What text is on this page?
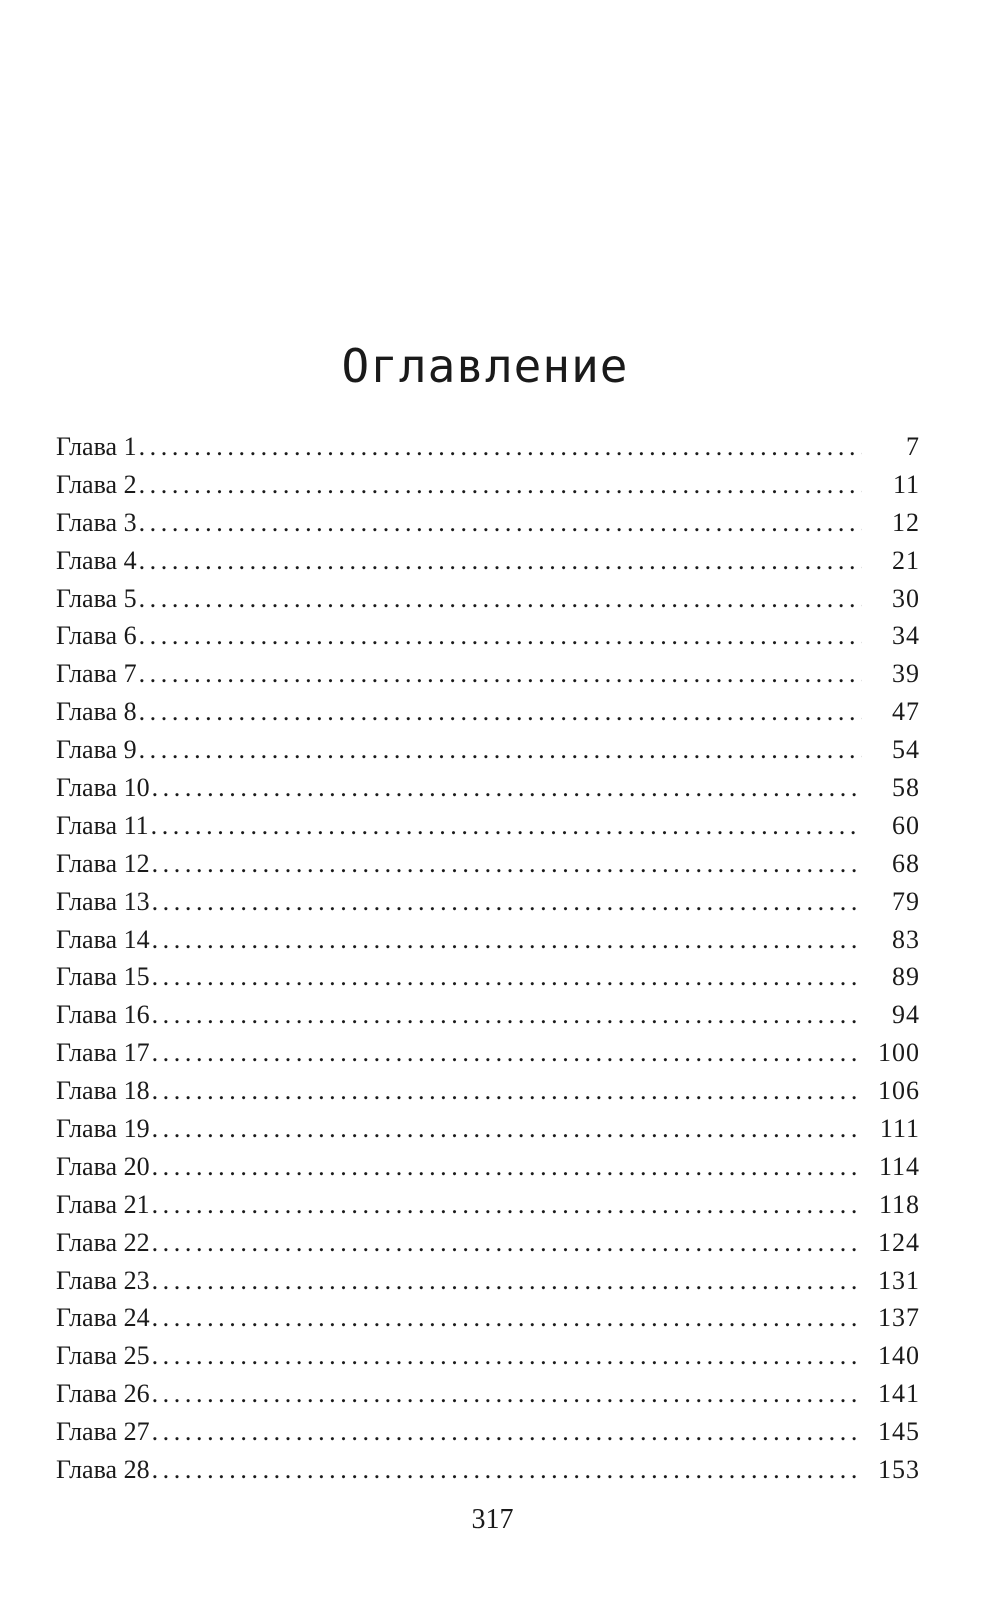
Оглавление
Глава 1 .....	7
Глава 2 .....	11
Глава 3 .....	12
Глава 4 .....	21
Глава 5 .....	30
Глава 6 .....	34
Глава 7 .....	39
Глава 8 .....	47
Глава 9 .....	54
Глава 10 .....	58
Глава 11 .....	60
Глава 12 .....	68
Глава 13 .....	79
Глава 14 .....	83
Глава 15 .....	89
Глава 16 .....	94
Глава 17 .....	100
Глава 18 .....	106
Глава 19 .....	111
Глава 20 .....	114
Глава 21 .....	118
Глава 22 .....	124
Глава 23 .....	131
Глава 24 .....	137
Глава 25 .....	140
Глава 26 .....	141
Глава 27 .....	145
Глава 28 .....	153
317
